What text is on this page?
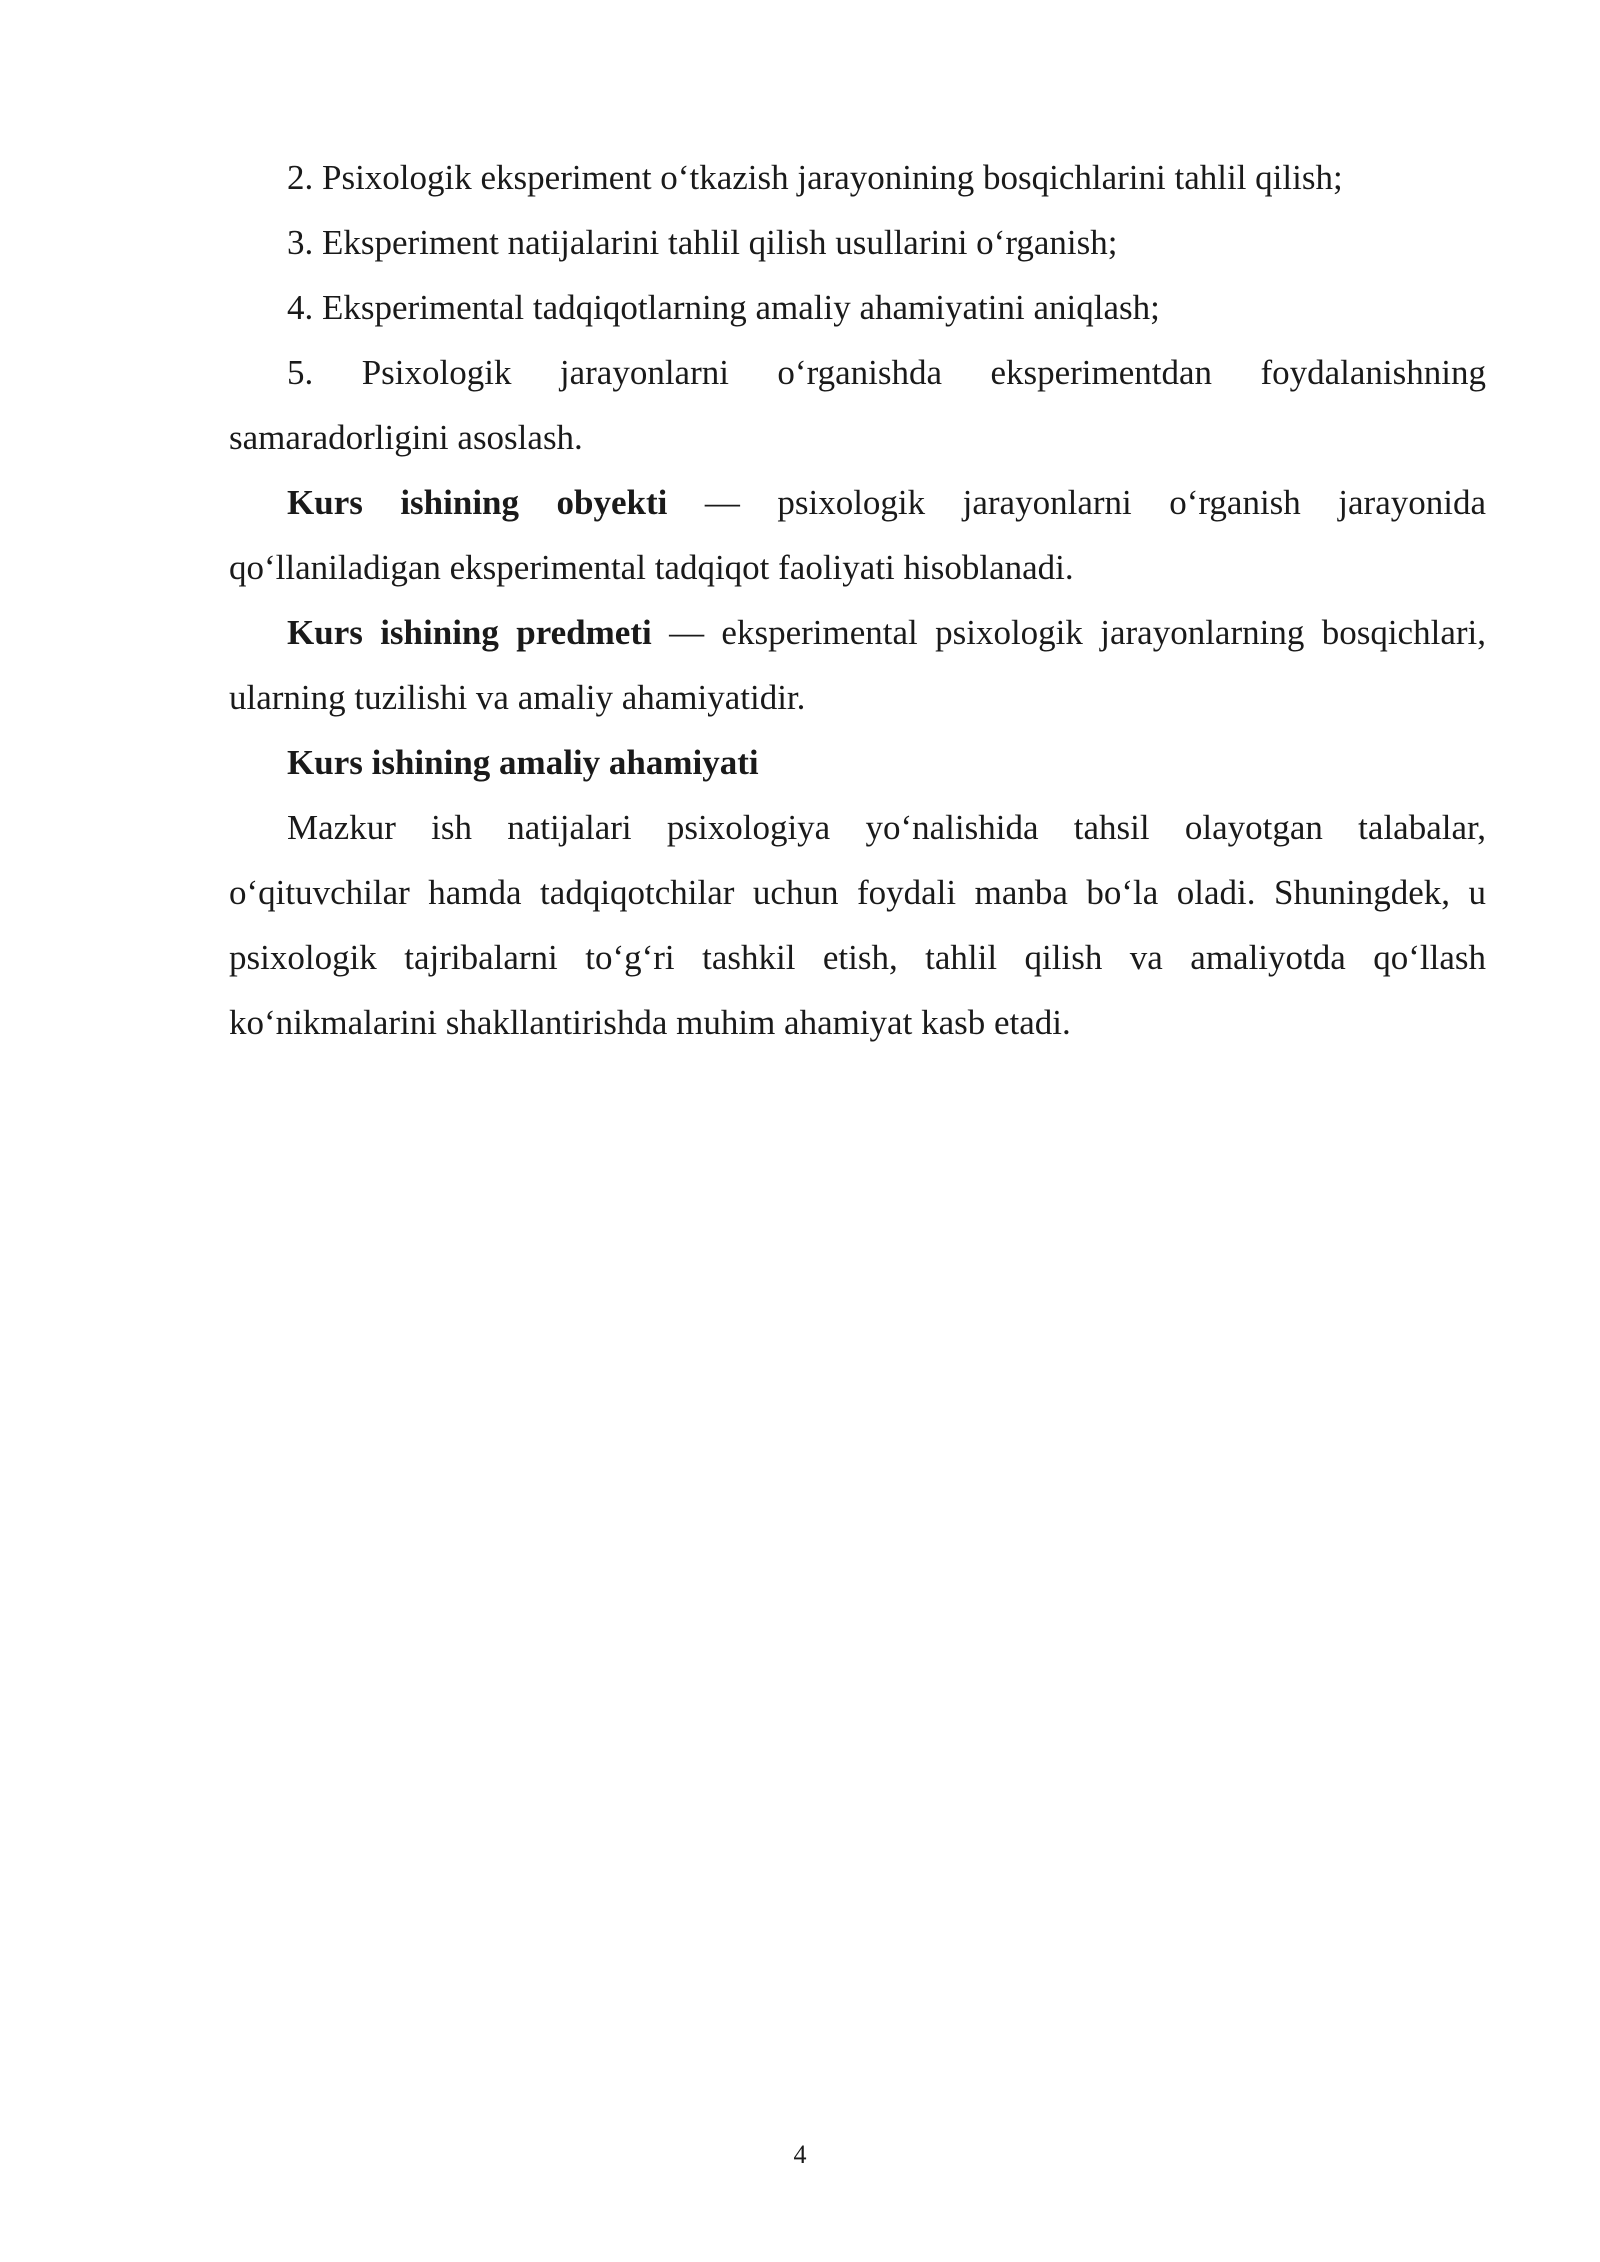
2. Psixologik eksperiment o‘tkazish jarayonining bosqichlarini tahlil qilish;

3. Eksperiment natijalarini tahlil qilish usullarini o‘rganish;

4. Eksperimental tadqiqotlarning amaliy ahamiyatini aniqlash;

5. Psixologik jarayonlarni o‘rganishda eksperimentdan foydalanishning samaradorligini asoslash.

Kurs ishining obyekti — psixologik jarayonlarni o‘rganish jarayonida qo‘llaniladigan eksperimental tadqiqot faoliyati hisoblanadi.

Kurs ishining predmeti — eksperimental psixologik jarayonlarning bosqichlari, ularning tuzilishi va amaliy ahamiyatidir.

Kurs ishining amaliy ahamiyati

Mazkur ish natijalari psixologiya yo‘nalishida tahsil olayotgan talabalar, o‘qituvchilar hamda tadqiqotchilar uchun foydali manba bo‘la oladi. Shuningdek, u psixologik tajribalarni to‘g‘ri tashkil etish, tahlil qilish va amaliyotda qo‘llash ko‘nikmalarini shakllantirishda muhim ahamiyat kasb etadi.

4
